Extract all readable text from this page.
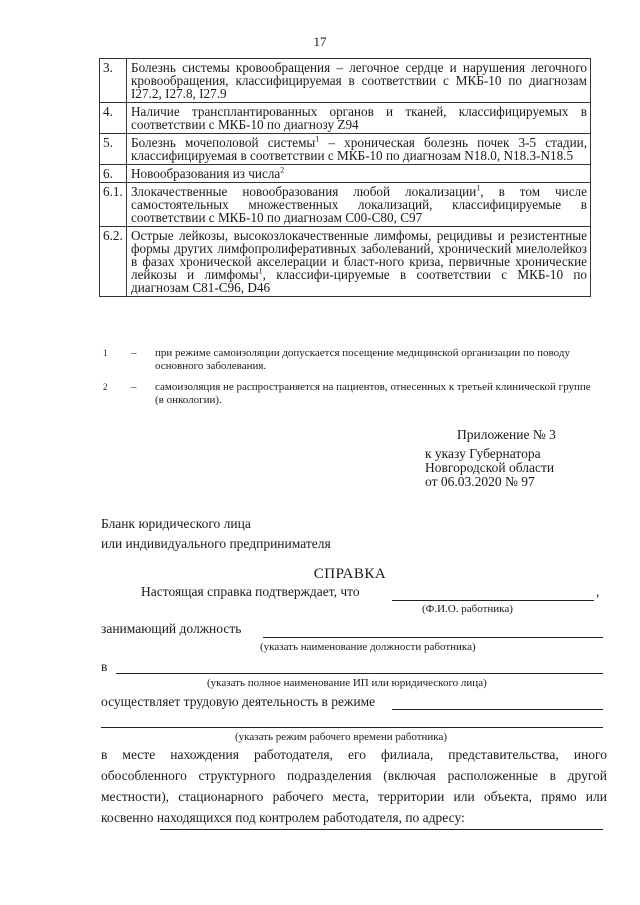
17
3.	Болезнь системы кровообращения – легочное сердце и нарушения легочного кровообращения, классифицируемая в соответствии с МКБ-10 по диагнозам I27.2, I27.8, I27.9
4.	Наличие трансплантированных органов и тканей, классифицируемых в соответствии с МКБ-10 по диагнозу Z94
5.	Болезнь мочеполовой системы$^1$ – хроническая болезнь почек 3-5 стадии, классифицируемая в соответствии с МКБ-10 по диагнозам N18.0, N18.3-N18.5
6.	Новообразования из числа$^2$
6.1.	Злокачественные новообразования любой локализации$^1$, в том числе самостоятельных множественных локализаций, классифицируемые в соответствии с МКБ-10 по диагнозам C00-C80, C97
6.2.	Острые лейкозы, высокозлокачественные лимфомы, рецидивы и резистентные формы других лимфопролиферативных заболеваний, хронический миелолейкоз в фазах хронической акселерации и бласт-ного криза, первичные хронические лейкозы и лимфомы$^1$, классифи-цируемые в соответствии с МКБ-10 по диагнозам C81-C96, D46
1 – при режиме самоизоляции допускается посещение медицинской организации по поводу основного заболевания.
2 – самоизоляция не распространяется на пациентов, отнесенных к третьей клинической группе (в онкологии).
Приложение № 3
к указу Губернатора
Новгородской области
от 06.03.2020 № 97
Бланк юридического лица
или индивидуального предпринимателя
СПРАВКА
Настоящая справка подтверждает, что	,
(Ф.И.О. работника)
занимающий должность
(указать наименование должности работника)
в
(указать полное наименование ИП или юридического лица)
осуществляет трудовую деятельность в режиме
(указать режим рабочего времени работника)
в месте нахождения работодателя, его филиала, представительства, иного обособленного структурного подразделения (включая расположенные в другой местности), стационарного рабочего места, территории или объекта, прямо или косвенно находящихся под контролем работодателя, по адресу:
